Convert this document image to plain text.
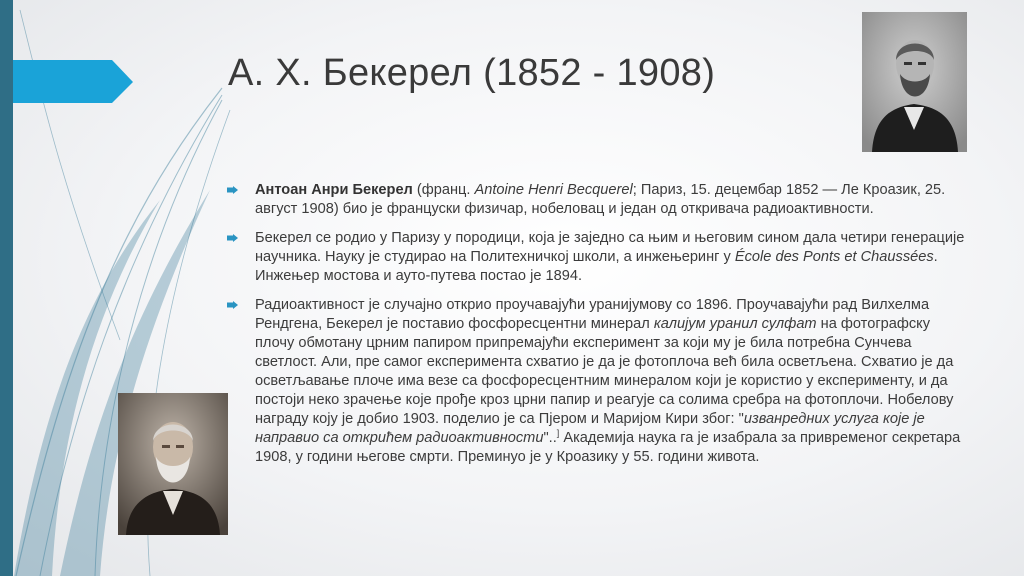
А. Х. Бекерел (1852 - 1908)

Антоан Анри Бекерел (франц. Antoine Henri Becquerel; Париз, 15. децембар 1852 — Ле Кроазик, 25. август 1908) био је француски физичар, нобеловац и један од откривача радиоактивности.

Бекерел се родио у Паризу у породици, која је заједно са њим и његовим сином дала четири генерације научника. Науку је студирао на Политехничкој школи, а инжењеринг у École des Ponts et Chaussées. Инжењер мостова и ауто-путева постао је 1894.

Радиоактивност је случајно открио проучавајући уранијумову со 1896. Проучавајући рад Вилхелма Рендгена, Бекерел је поставио фосфоресцентни минерал калијум уранил сулфат на фотографску плочу обмотану црним папиром припремајући експеримент за који му је била потребна Сунчева светлост. Али, пре самог експеримента схватио је да је фотоплоча већ била осветљена. Схватио је да осветљавање плоче има везе са фосфоресцентним минералом који је користио у експерименту, и да постоји неко зрачење које прође кроз црни папир и реагује са солима сребра на фотоплочи. Нобелову награду коју је добио 1903. поделио је са Пјером и Маријом Кири због: "изванредних услуга које је направио са открићем радиоактивности"..] Академија наука га је изабрала за привременог секретара 1908, у години његове смрти. Преминуо је у Кроазику у 55. години живота.
